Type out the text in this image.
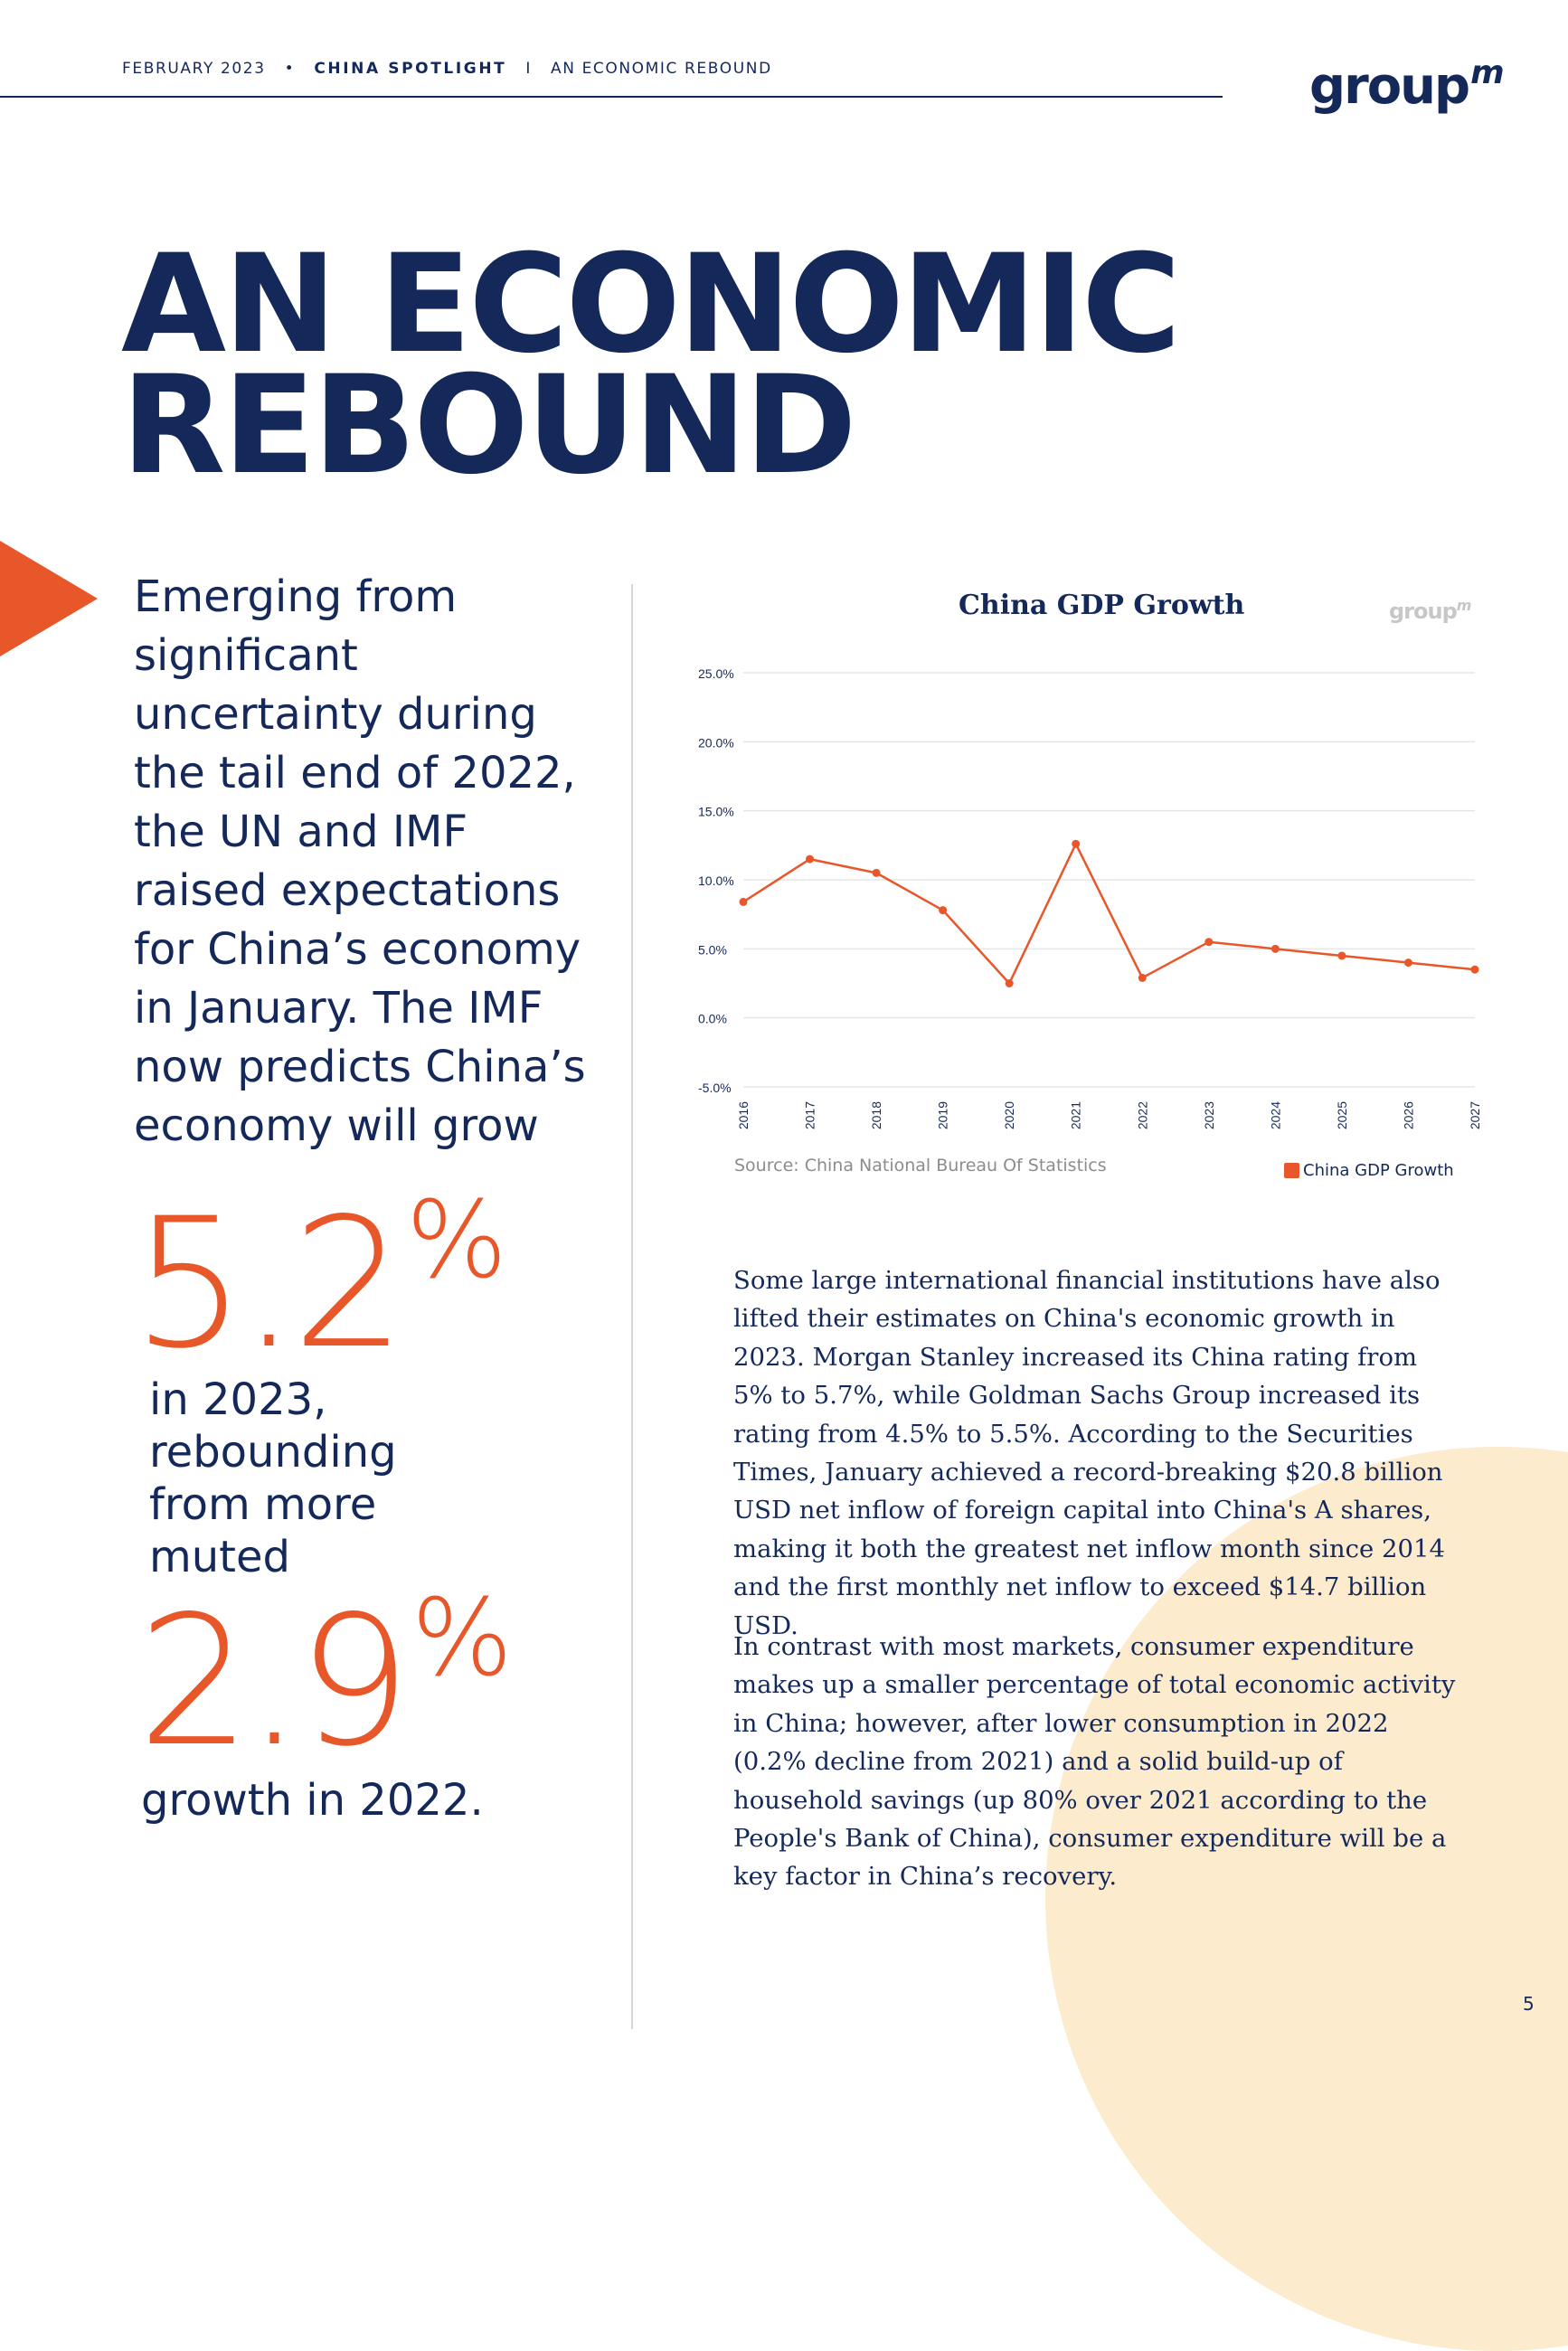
FEBRUARY 2023 • CHINA SPOTLIGHT I AN ECONOMIC REBOUND	group$^m$
AN ECONOMIC
REBOUND
Emerging from significant uncertainty during the tail end of 2022, the UN and IMF raised expectations for China’s economy in January. The IMF now predicts China’s economy will grow
5.2%
in 2023, rebounding from more muted
2.9%
growth in 2022.
China GDP Growth	group$^m$
25.0%
20.0%
15.0%
10.0%
5.0%
0.0%
-5.0%
2016	2017	2018	2019	2020	2021	2022	2023	2024	2025	2026	2027
Source: China National Bureau Of Statistics	China GDP Growth
Some large international financial institutions have also lifted their estimates on China's economic growth in 2023. Morgan Stanley increased its China rating from 5% to 5.7%, while Goldman Sachs Group increased its rating from 4.5% to 5.5%. According to the Securities Times, January achieved a record-breaking $20.8 billion USD net inflow of foreign capital into China's A shares, making it both the greatest net inflow month since 2014 and the first monthly net inflow to exceed $14.7 billion USD.
In contrast with most markets, consumer expenditure makes up a smaller percentage of total economic activity in China; however, after lower consumption in 2022 (0.2% decline from 2021) and a solid build-up of household savings (up 80% over 2021 according to the People's Bank of China), consumer expenditure will be a key factor in China’s recovery.
5
